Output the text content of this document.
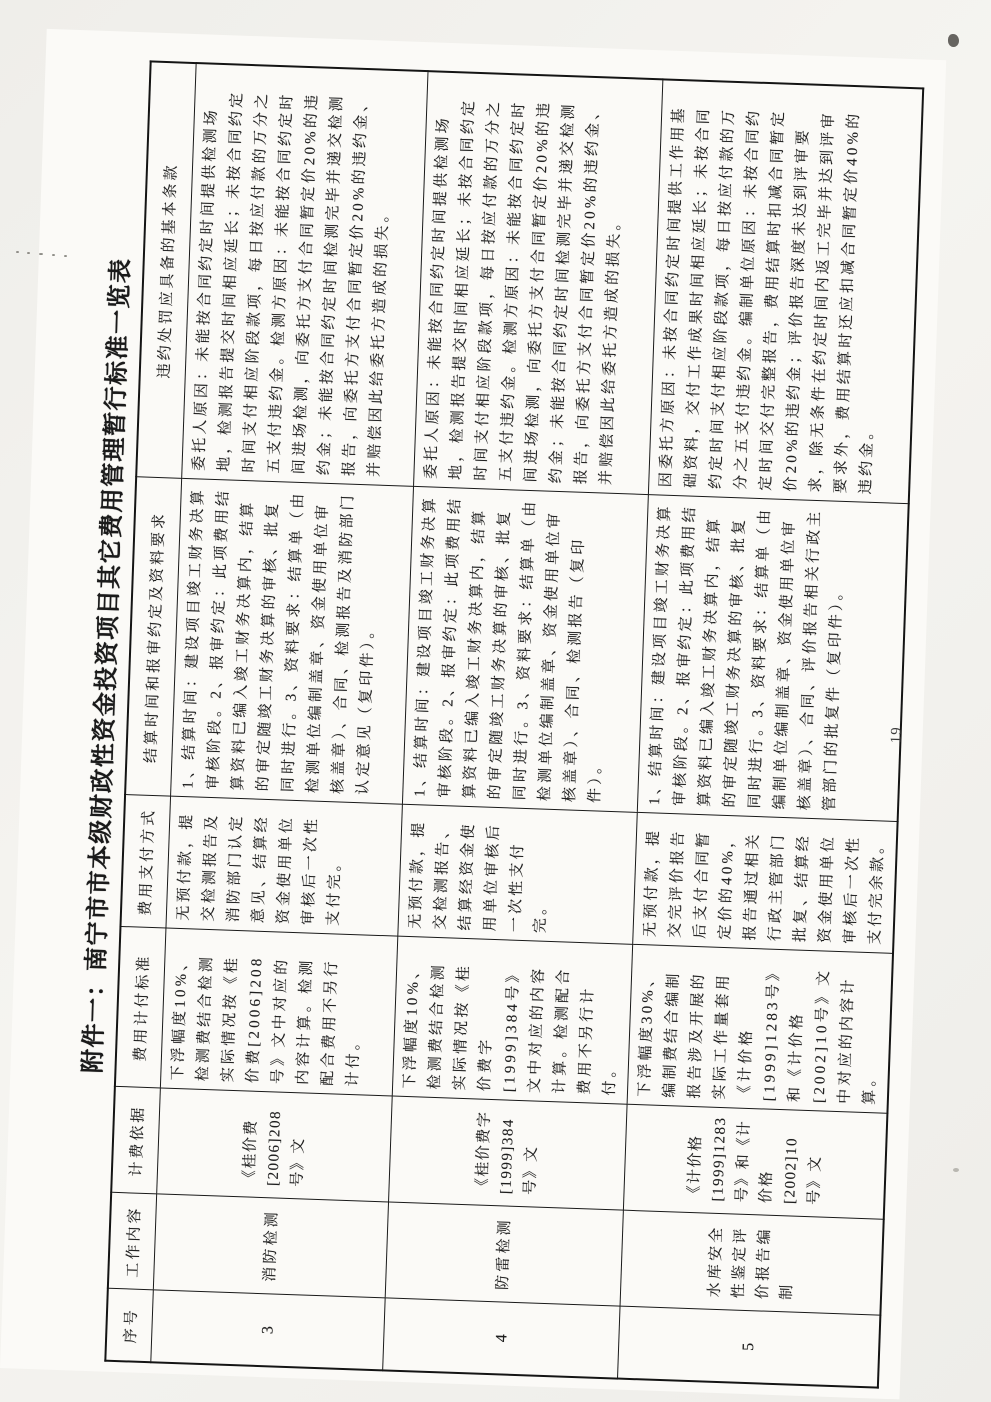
附件一：南宁市市本级财政性资金投资项目其它费用管理暂行标准一览表
序号	工作内容	计费依据	费用计付标准	费用支付方式	结算时间和报审约定及资料要求	违约处罚应具备的基本条款
3	消防检测	《桂价费[2006]208号》文	下浮幅度10%、检测费结合检测实际情况按《桂价费[2006]208号》文中对应的内容计算。检测配合费用不另行计付。	无预付款，提交检测报告及消防部门认定意见、结算经资金使用单位审核后一次性支付完。	1、结算时间：建设项目竣工财务决算审核阶段。2、报审约定：此项费用结算资料已编入竣工财务决算内，结算的审定随竣工财务决算的审核、批复同时进行。3、资料要求：结算单（由检测单位编制盖章、资金使用单位审核盖章）、合同、检测报告及消防部门认定意见（复印件）。	委托人原因：未能按合同约定时间提供检测场地，检测报告提交时间相应延长；未按合同约定时间支付相应阶段款项，每日按应付款的万分之五支付违约金。检测方原因：未能按合同约定时间进场检测，向委托方支付合同暂定价20%的违约金；未能按合同约定时间检测完毕并递交检测报告，向委托方支付合同暂定价20%的违约金、并赔偿因此给委托方造成的损失。
4	防雷检测	《桂价费字[1999]384号》文	下浮幅度10%、检测费结合检测实际情况按《桂价费字[1999]384号》文中对应的内容计算。检测配合费用不另行计付。	无预付款，提交检测报告、结算经资金使用单位审核后一次性支付完。	1、结算时间：建设项目竣工财务决算审核阶段。2、报审约定：此项费用结算资料已编入竣工财务决算内，结算的审定随竣工财务决算的审核、批复同时进行。3、资料要求：结算单（由检测单位编制盖章、资金使用单位审核盖章）、合同、检测报告（复印件）。	委托人原因：未能按合同约定时间提供检测场地，检测报告提交时间相应延长；未按合同约定时间支付相应阶段款项，每日按应付款的万分之五支付违约金。检测方原因：未能按合同约定时间进场检测，向委托方支付合同暂定价20%的违约金；未能按合同约定时间检测完毕并递交检测报告，向委托方支付合同暂定价20%的违约金、并赔偿因此给委托方造成的损失。
5	水库安全性鉴定评价报告编制	《计价格[1999]1283号》和《计价格[2002]10号》文	下浮幅度30%、编制费结合编制报告涉及开展的实际工作量套用《计价格[1999]1283号》和《计价格[2002]10号》文中对应的内容计算。	无预付款，提交完评价报告后支付合同暂定价的40%，报告通过相关行政主管部门批复、结算经资金使用单位审核后一次性支付完余款。	1、结算时间：建设项目竣工财务决算审核阶段。2、报审约定：此项费用结算资料已编入竣工财务决算内，结算的审定随竣工财务决算的审核、批复同时进行。3、资料要求：结算单（由编制单位编制盖章、资金使用单位审核盖章）、合同、评价报告相关行政主管部门的批复件（复印件）。	因委托方原因：未按合同约定时间提供工作用基础资料，交付工作成果时间相应延长；未按合同约定时间支付相应阶段款项，每日按应付款的万分之五支付违约金。编制单位原因：未按合同约定时间交付完整报告，费用结算时扣减合同暂定价20%的违约金；评价报告深度未达到评审要求，除无条件在约定时间内返工完毕并达到评审要求外，费用结算时还应扣减合同暂定价40%的违约金。
19
